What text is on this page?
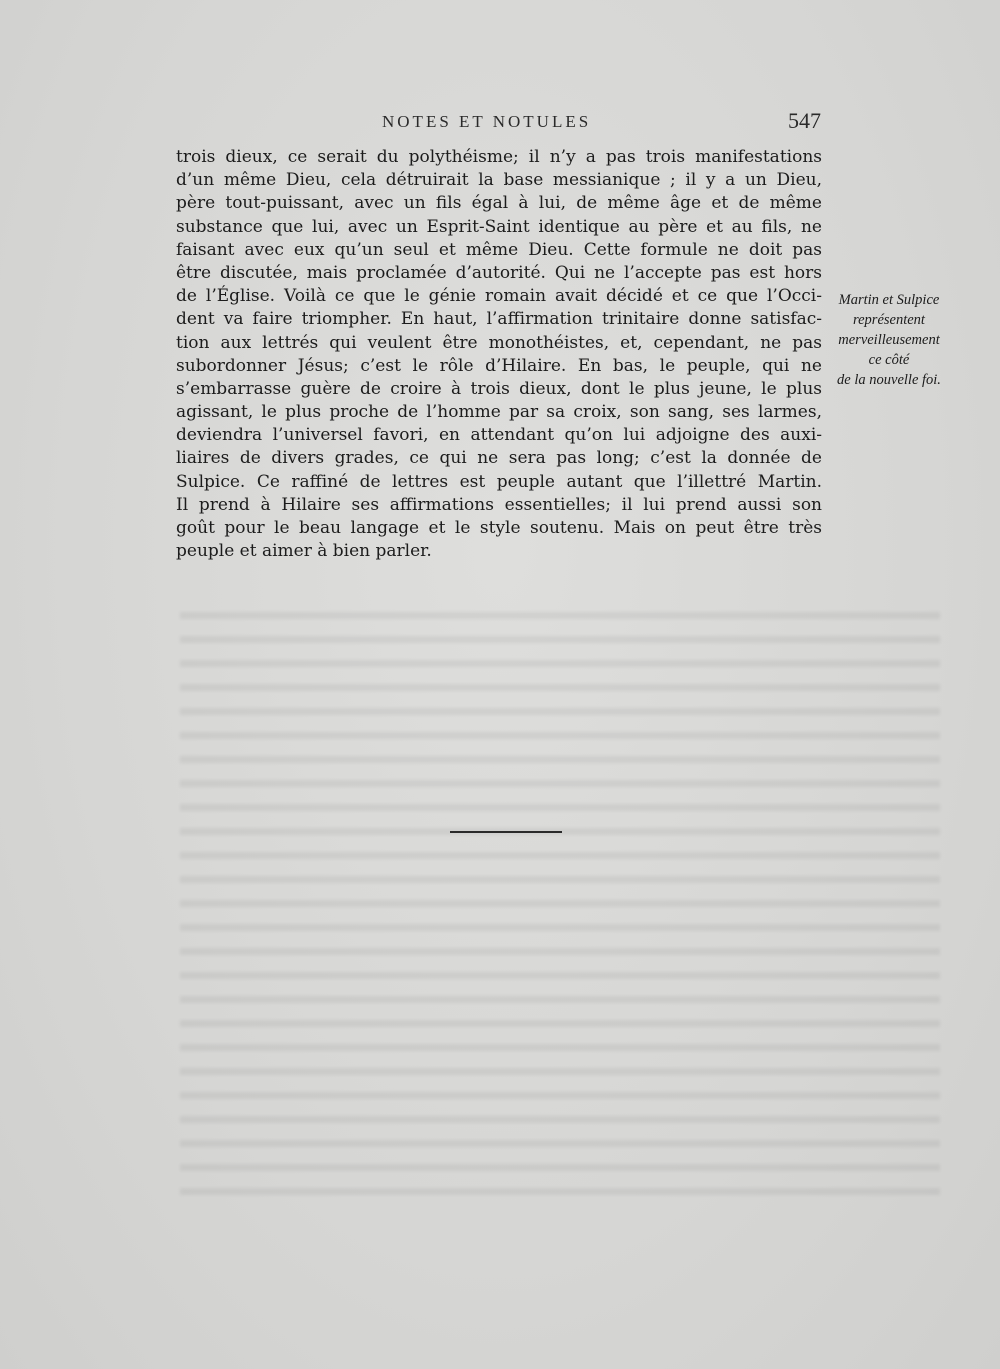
NOTES ET NOTULES	547
trois dieux, ce serait du polythéisme; il n’y a pas trois manifestations
d’un même Dieu, cela détruirait la base messianique ; il y a un Dieu,
père tout-puissant, avec un fils égal à lui, de même âge et de même
substance que lui, avec un Esprit-Saint identique au père et au fils, ne
faisant avec eux qu’un seul et même Dieu. Cette formule ne doit pas
être discutée, mais proclamée d’autorité. Qui ne l’accepte pas est hors
de l’Église. Voilà ce que le génie romain avait décidé et ce que l’Occi-
dent va faire triompher. En haut, l’affirmation trinitaire donne satisfac-
tion aux lettrés qui veulent être monothéistes, et, cependant, ne pas
subordonner Jésus; c’est le rôle d’Hilaire. En bas, le peuple, qui ne
s’embarrasse guère de croire à trois dieux, dont le plus jeune, le plus
agissant, le plus proche de l’homme par sa croix, son sang, ses larmes,
deviendra l’universel favori, en attendant qu’on lui adjoigne des auxi-
liaires de divers grades, ce qui ne sera pas long; c’est la donnée de
Sulpice. Ce raffiné de lettres est peuple autant que l’illettré Martin.
Il prend à Hilaire ses affirmations essentielles; il lui prend aussi son
goût pour le beau langage et le style soutenu. Mais on peut être très
peuple et aimer à bien parler.
Martin et Sulpice
représentent
merveilleusement
ce côté
de la nouvelle foi.
